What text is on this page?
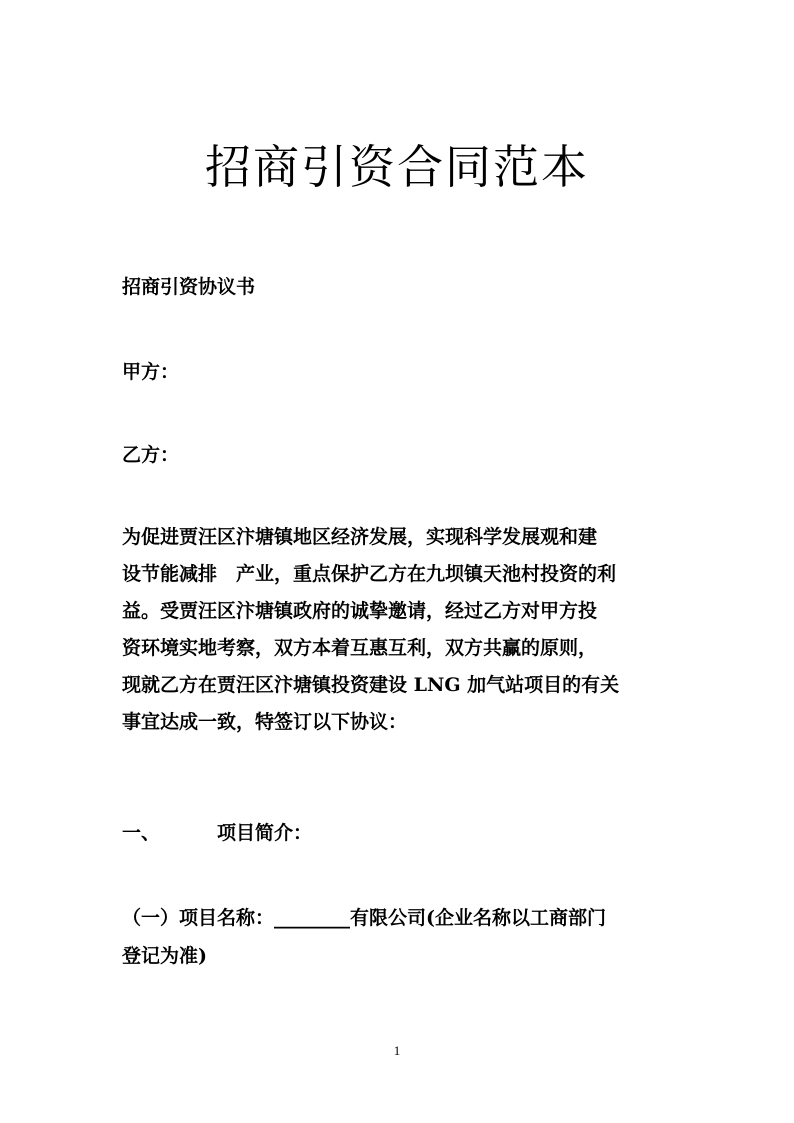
招商引资合同范本
招商引资协议书
甲方：
乙方：
为促进贾汪区汴塘镇地区经济发展，实现科学发展观和建
设节能减排　产业，重点保护乙方在九坝镇天池村投资的利
益。受贾汪区汴塘镇政府的诚挚邀请，经过乙方对甲方投
资环境实地考察，双方本着互惠互利，双方共赢的原则，
现就乙方在贾汪区汴塘镇投资建设 LNG 加气站项目的有关
事宜达成一致，特签订以下协议：
一、	项目简介：
（一）项目名称：________有限公司(企业名称以工商部门
登记为准)
1
